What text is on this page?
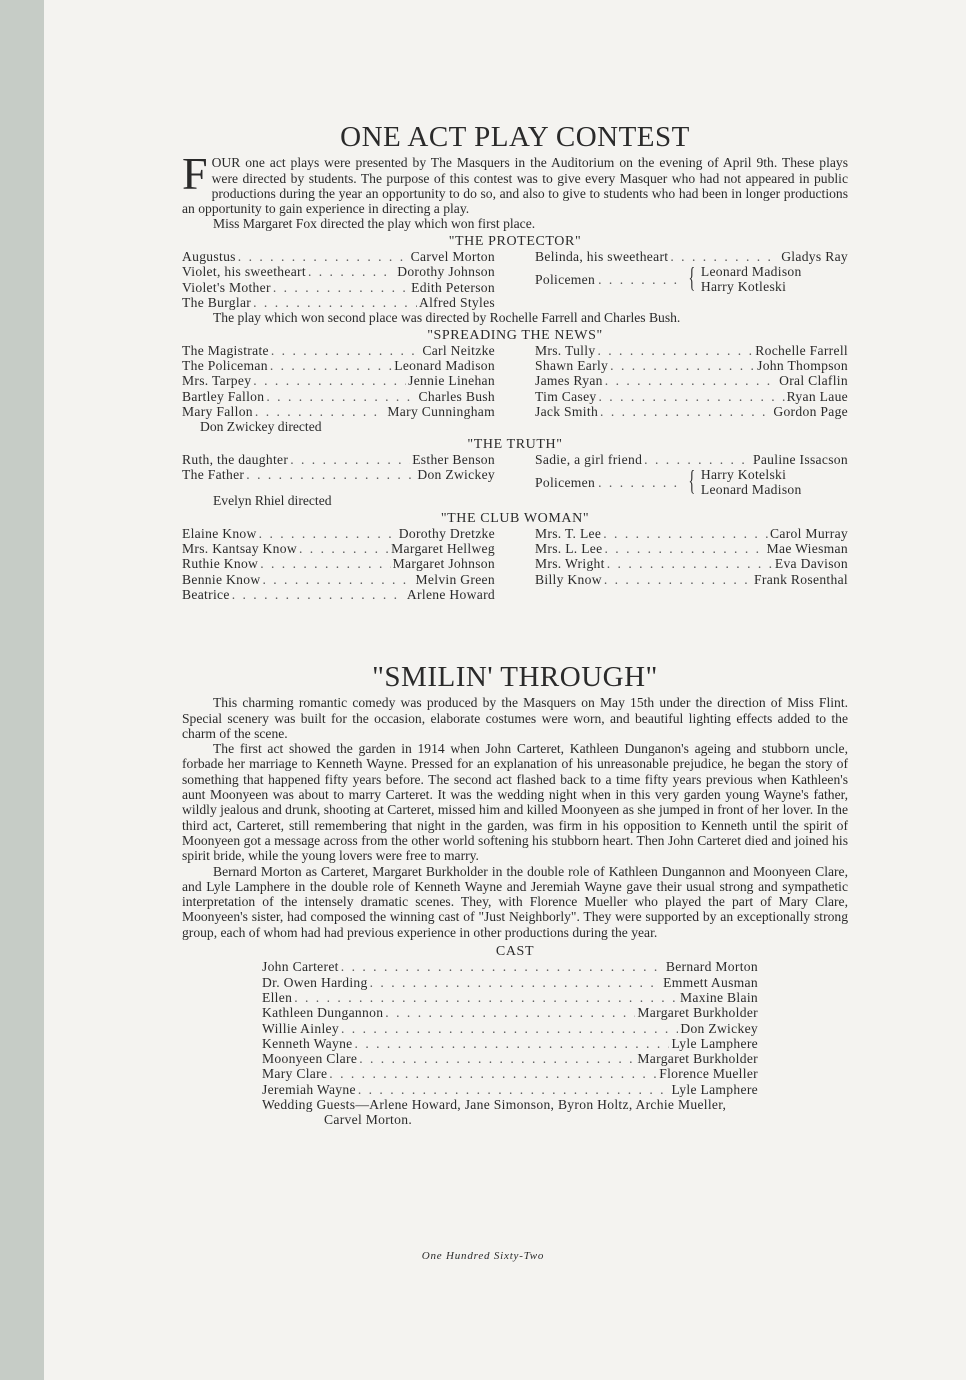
ONE ACT PLAY CONTEST

FOUR one act plays were presented by The Masquers in the Auditorium on the evening of April 9th. These plays were directed by students. The purpose of this contest was to give every Masquer who had not appeared in public productions during the year an opportunity to do so, and also to give to students who had been in longer productions an opportunity to gain experience in directing a play.

Miss Margaret Fox directed the play which won first place.

"THE PROTECTOR"
Augustus . . .	Carvel Morton
Violet, his sweetheart . . .	Dorothy Johnson
Violet's Mother . . .	Edith Peterson
The Burglar . . .	Alfred Styles
Belinda, his sweetheart . . .	Gladys Ray
Policemen . . .	{ Leonard Madison
Harry Kotleski

The play which won second place was directed by Rochelle Farrell and Charles Bush.

"SPREADING THE NEWS"
The Magistrate . . .	Carl Neitzke
The Policeman . . .	Leonard Madison
Mrs. Tarpey . . .	Jennie Linehan
Bartley Fallon . . .	Charles Bush
Mary Fallon . . .	Mary Cunningham
Mrs. Tully . . .	Rochelle Farrell
Shawn Early . . .	John Thompson
James Ryan . . .	Oral Claflin
Tim Casey . . .	Ryan Laue
Jack Smith . . .	Gordon Page
Don Zwickey directed
"THE TRUTH"
Ruth, the daughter . . .	Esther Benson
The Father . . .	Don Zwickey
Sadie, a girl friend . . .	Pauline Issacson
Policemen . . .	{ Harry Kotelski
Leonard Madison
Evelyn Rhiel directed
"THE CLUB WOMAN"
Elaine Know . . .	Dorothy Dretzke
Mrs. Kantsay Know . . .	Margaret Hellweg
Ruthie Know . . .	Margaret Johnson
Bennie Know . . .	Melvin Green
Beatrice . . .	Arlene Howard
Mrs. T. Lee . . .	Carol Murray
Mrs. L. Lee . . .	Mae Wiesman
Mrs. Wright . . .	Eva Davison
Billy Know . . .	Frank Rosenthal
"SMILIN' THROUGH"

This charming romantic comedy was produced by the Masquers on May 15th under the direction of Miss Flint. Special scenery was built for the occasion, elaborate costumes were worn, and beautiful lighting effects added to the charm of the scene.

The first act showed the garden in 1914 when John Carteret, Kathleen Dunganon's ageing and stubborn uncle, forbade her marriage to Kenneth Wayne. Pressed for an explanation of his unreasonable prejudice, he began the story of something that happened fifty years before. The second act flashed back to a time fifty years previous when Kathleen's aunt Moonyeen was about to marry Carteret. It was the wedding night when in this very garden young Wayne's father, wildly jealous and drunk, shooting at Carteret, missed him and killed Moonyeen as she jumped in front of her lover. In the third act, Carteret, still remembering that night in the garden, was firm in his opposition to Kenneth until the spirit of Moonyeen got a message across from the other world softening his stubborn heart. Then John Carteret died and joined his spirit bride, while the young lovers were free to marry.

Bernard Morton as Carteret, Margaret Burkholder in the double role of Kathleen Dungannon and Moonyeen Clare, and Lyle Lamphere in the double role of Kenneth Wayne and Jeremiah Wayne gave their usual strong and sympathetic interpretation of the intensely dramatic scenes. They, with Florence Mueller who played the part of Mary Clare, Moonyeen's sister, had composed the winning cast of "Just Neighborly". They were supported by an exceptionally strong group, each of whom had had previous experience in other productions during the year.

CAST
John Carteret . . .	Bernard Morton
Dr. Owen Harding . . .	Emmett Ausman
Ellen . . .	Maxine Blain
Kathleen Dungannon . . .	Margaret Burkholder
Willie Ainley . . .	Don Zwickey
Kenneth Wayne . . .	Lyle Lamphere
Moonyeen Clare . . .	Margaret Burkholder
Mary Clare . . .	Florence Mueller
Jeremiah Wayne . . .	Lyle Lamphere
Wedding Guests—Arlene Howard, Jane Simonson, Byron Holtz, Archie Mueller, Carvel Morton.
One Hundred Sixty-Two
